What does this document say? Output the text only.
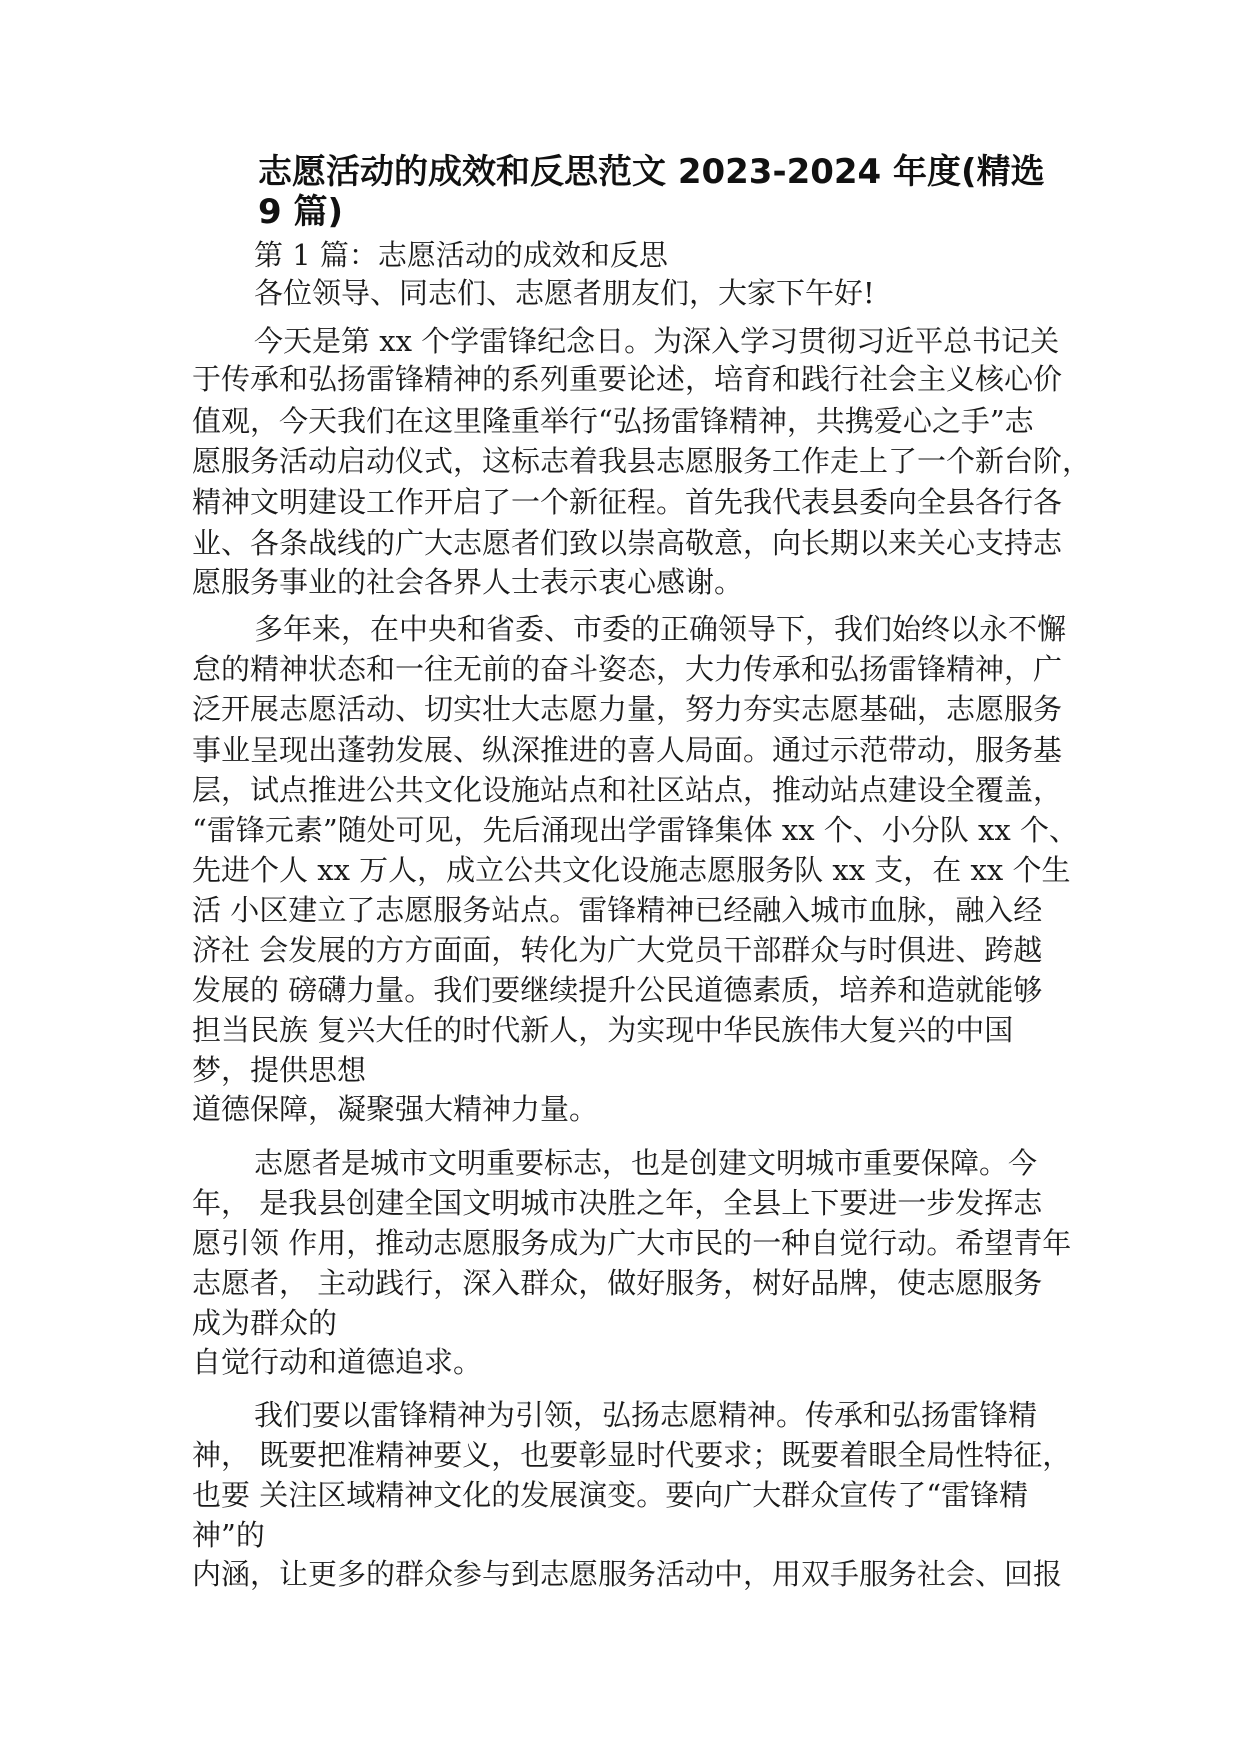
志愿活动的成效和反思范文 2023-2024 年度(精选 9 篇)

第 1 篇：志愿活动的成效和反思

各位领导、同志们、志愿者朋友们，大家下午好!

今天是第 xx 个学雷锋纪念日。为深入学习贯彻习近平总书记关

于传承和弘扬雷锋精神的系列重要论述，培育和践行社会主义核心价

值观，今天我们在这里隆重举行“弘扬雷锋精神，共携爱心之手”志

愿服务活动启动仪式，这标志着我县志愿服务工作走上了一个新台阶，

精神文明建设工作开启了一个新征程。首先我代表县委向全县各行各

业、各条战线的广大志愿者们致以崇高敬意，向长期以来关心支持志

愿服务事业的社会各界人士表示衷心感谢。

多年来，在中央和省委、市委的正确领导下，我们始终以永不懈

怠的精神状态和一往无前的奋斗姿态，大力传承和弘扬雷锋精神，广

泛开展志愿活动、切实壮大志愿力量，努力夯实志愿基础，志愿服务

事业呈现出蓬勃发展、纵深推进的喜人局面。通过示范带动，服务基

层，试点推进公共文化设施站点和社区站点，推动站点建设全覆盖，

“雷锋元素”随处可见，先后涌现出学雷锋集体 xx 个、小分队 xx 个、

先进个人 xx 万人，成立公共文化设施志愿服务队 xx 支，在 xx 个生

活 小区建立了志愿服务站点。雷锋精神已经融入城市血脉，融入经

济社 会发展的方方面面，转化为广大党员干部群众与时俱进、跨越

发展的 磅礴力量。我们要继续提升公民道德素质，培养和造就能够

担当民族 复兴大任的时代新人，为实现中华民族伟大复兴的中国

梦，提供思想

道德保障，凝聚强大精神力量。

志愿者是城市文明重要标志，也是创建文明城市重要保障。今

年， 是我县创建全国文明城市决胜之年，全县上下要进一步发挥志

愿引领 作用，推动志愿服务成为广大市民的一种自觉行动。希望青年

志愿者， 主动践行，深入群众，做好服务，树好品牌，使志愿服务

成为群众的

自觉行动和道德追求。

我们要以雷锋精神为引领，弘扬志愿精神。传承和弘扬雷锋精

神， 既要把准精神要义，也要彰显时代要求；既要着眼全局性特征，

也要 关注区域精神文化的发展演变。要向广大群众宣传了“雷锋精

神”的

内涵，让更多的群众参与到志愿服务活动中，用双手服务社会、回报
